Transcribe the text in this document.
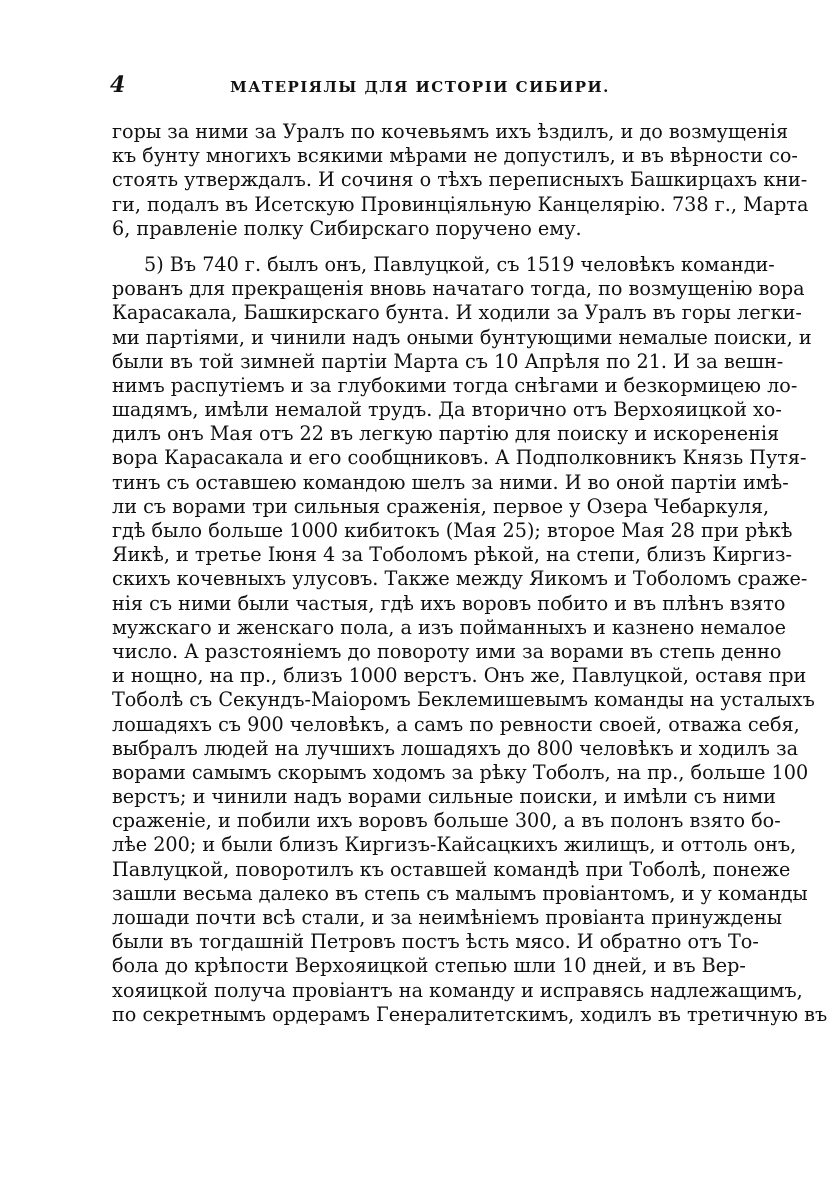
4	МАТЕРІЯЛЫ ДЛЯ ИСТОРІИ СИБИРИ.
горы за ними за Уралъ по кочевьямъ ихъ ѣздилъ, и до возмущенія
къ бунту многихъ всякими мѣрами не допустилъ, и въ вѣрности со-
стоять утверждалъ. И сочиня о тѣхъ переписныхъ Башкирцахъ кни-
ги, подалъ въ Исетскую Провинціяльную Канцелярію. 738 г., Марта
6, правленіе полку Сибирскаго поручено ему.
5) Въ 740 г. былъ онъ, Павлуцкой, съ 1519 человѣкъ команди-
рованъ для прекращенія вновь начатаго тогда, по возмущенію вора
Карасакала, Башкирскаго бунта. И ходили за Уралъ въ горы легки-
ми партіями, и чинили надъ оными бунтующими немалые поиски, и
были въ той зимней партіи Марта съ 10 Апрѣля по 21. И за вешн-
нимъ распутіемъ и за глубокими тогда снѣгами и безкормицею ло-
шадямъ, имѣли немалой трудъ. Да вторично отъ Верхояицкой хо-
дилъ онъ Мая отъ 22 въ легкую партію для поиску и искорененія
вора Карасакала и его сообщниковъ. А Подполковникъ Князь Путя-
тинъ съ оставшею командою шелъ за ними. И во оной партіи имѣ-
ли съ ворами три сильныя сраженія, первое у Озера Чебаркуля,
гдѣ было больше 1000 кибитокъ (Мая 25); второе Мая 28 при рѣкѣ
Яикѣ, и третье Іюня 4 за Тоболомъ рѣкой, на степи, близъ Киргиз-
скихъ кочевныхъ улусовъ. Также между Яикомъ и Тоболомъ сраже-
нія съ ними были частыя, гдѣ ихъ воровъ побито и въ плѣнъ взято
мужскаго и женскаго пола, а изъ пойманныхъ и казнено немалое
число. А разстояніемъ до повороту ими за ворами въ степь денно
и нощно, на пр., близъ 1000 верстъ. Онъ же, Павлуцкой, оставя при
Тоболѣ съ Секундъ-Маіоромъ Беклемишевымъ команды на усталыхъ
лошадяхъ съ 900 человѣкъ, а самъ по ревности своей, отважа себя,
выбралъ людей на лучшихъ лошадяхъ до 800 человѣкъ и ходилъ за
ворами самымъ скорымъ ходомъ за рѣку Тоболъ, на пр., больше 100
верстъ; и чинили надъ ворами сильные поиски, и имѣли съ ними
сраженіе, и побили ихъ воровъ больше 300, а въ полонъ взято бо-
лѣе 200; и были близъ Киргизъ-Кайсацкихъ жилищъ, и оттоль онъ,
Павлуцкой, поворотилъ къ оставшей командѣ при Тоболѣ, понеже
зашли весьма далеко въ степь съ малымъ провіантомъ, и у команды
лошади почти всѣ стали, и за неимѣніемъ провіанта принуждены
были въ тогдашній Петровъ постъ ѣсть мясо. И обратно отъ То-
бола до крѣпости Верхояицкой степью шли 10 дней, и въ Вер-
хояицкой получа провіантъ на команду и исправясь надлежащимъ,
по секретнымъ ордерамъ Генералитетскимъ, ходилъ въ третичную въ
